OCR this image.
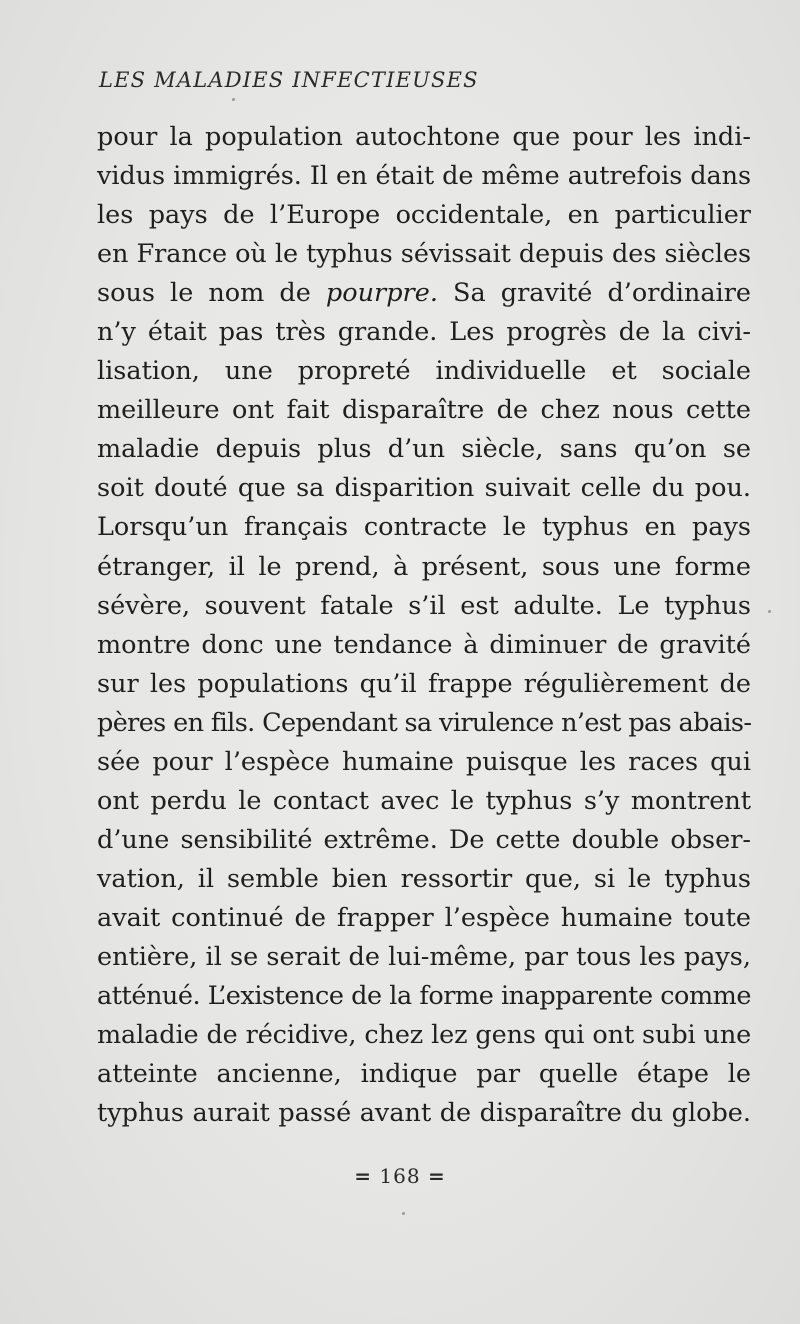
LES MALADIES INFECTIEUSES
pour la population autochtone que pour les indi-
vidus immigrés. Il en était de même autrefois dans
les pays de l’Europe occidentale, en particulier
en France où le typhus sévissait depuis des siècles
sous le nom de pourpre. Sa gravité d’ordinaire
n’y était pas très grande. Les progrès de la civi-
lisation, une propreté individuelle et sociale
meilleure ont fait disparaître de chez nous cette
maladie depuis plus d’un siècle, sans qu’on se
soit douté que sa disparition suivait celle du pou.
Lorsqu’un français contracte le typhus en pays
étranger, il le prend, à présent, sous une forme
sévère, souvent fatale s’il est adulte. Le typhus
montre donc une tendance à diminuer de gravité
sur les populations qu’il frappe régulièrement de
pères en fils. Cependant sa virulence n’est pas abais-
sée pour l’espèce humaine puisque les races qui
ont perdu le contact avec le typhus s’y montrent
d’une sensibilité extrême. De cette double obser-
vation, il semble bien ressortir que, si le typhus
avait continué de frapper l’espèce humaine toute
entière, il se serait de lui-même, par tous les pays,
atténué. L’existence de la forme inapparente comme
maladie de récidive, chez lez gens qui ont subi une
atteinte ancienne, indique par quelle étape le
typhus aurait passé avant de disparaître du globe.
= 168 =
